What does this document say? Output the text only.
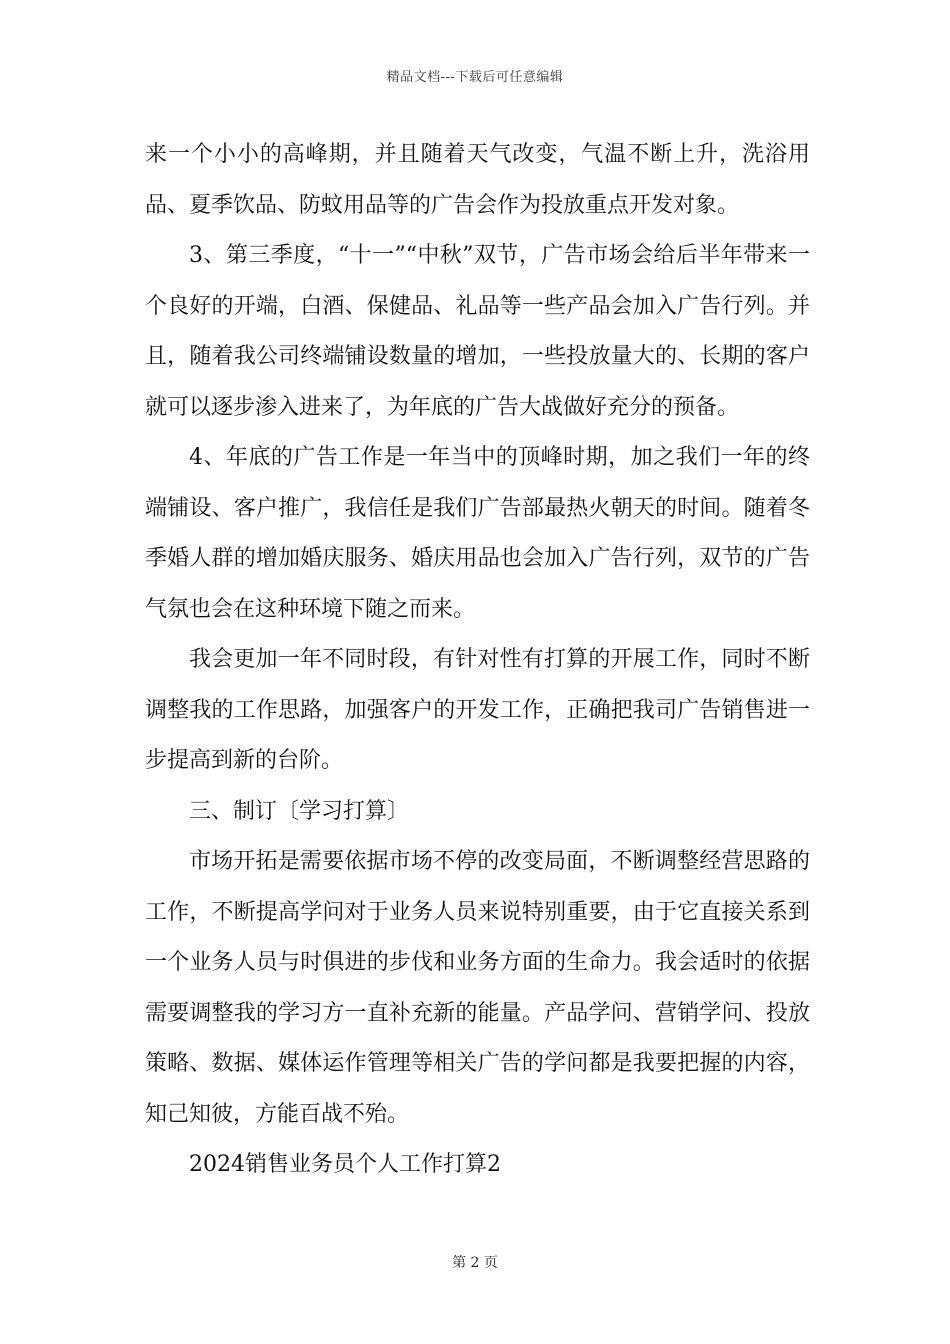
精品文档---下载后可任意编辑

来一个小小的高峰期，并且随着天气改变，气温不断上升，洗浴用品、夏季饮品、防蚊用品等的广告会作为投放重点开发对象。

3、第三季度，“十一”“中秋”双节，广告市场会给后半年带来一个良好的开端，白酒、保健品、礼品等一些产品会加入广告行列。并且，随着我公司终端铺设数量的增加，一些投放量大的、长期的客户就可以逐步渗入进来了，为年底的广告大战做好充分的预备。

4、年底的广告工作是一年当中的顶峰时期，加之我们一年的终端铺设、客户推广，我信任是我们广告部最热火朝天的时间。随着冬季婚人群的增加婚庆服务、婚庆用品也会加入广告行列，双节的广告气氛也会在这种环境下随之而来。

我会更加一年不同时段，有针对性有打算的开展工作，同时不断调整我的工作思路，加强客户的开发工作，正确把我司广告销售进一步提高到新的台阶。

三、制订〔学习打算〕

市场开拓是需要依据市场不停的改变局面，不断调整经营思路的工作，不断提高学问对于业务人员来说特别重要，由于它直接关系到一个业务人员与时俱进的步伐和业务方面的生命力。我会适时的依据需要调整我的学习方一直补充新的能量。产品学问、营销学问、投放策略、数据、媒体运作管理等相关广告的学问都是我要把握的内容，知己知彼，方能百战不殆。

2024销售业务员个人工作打算2

第 2 页
